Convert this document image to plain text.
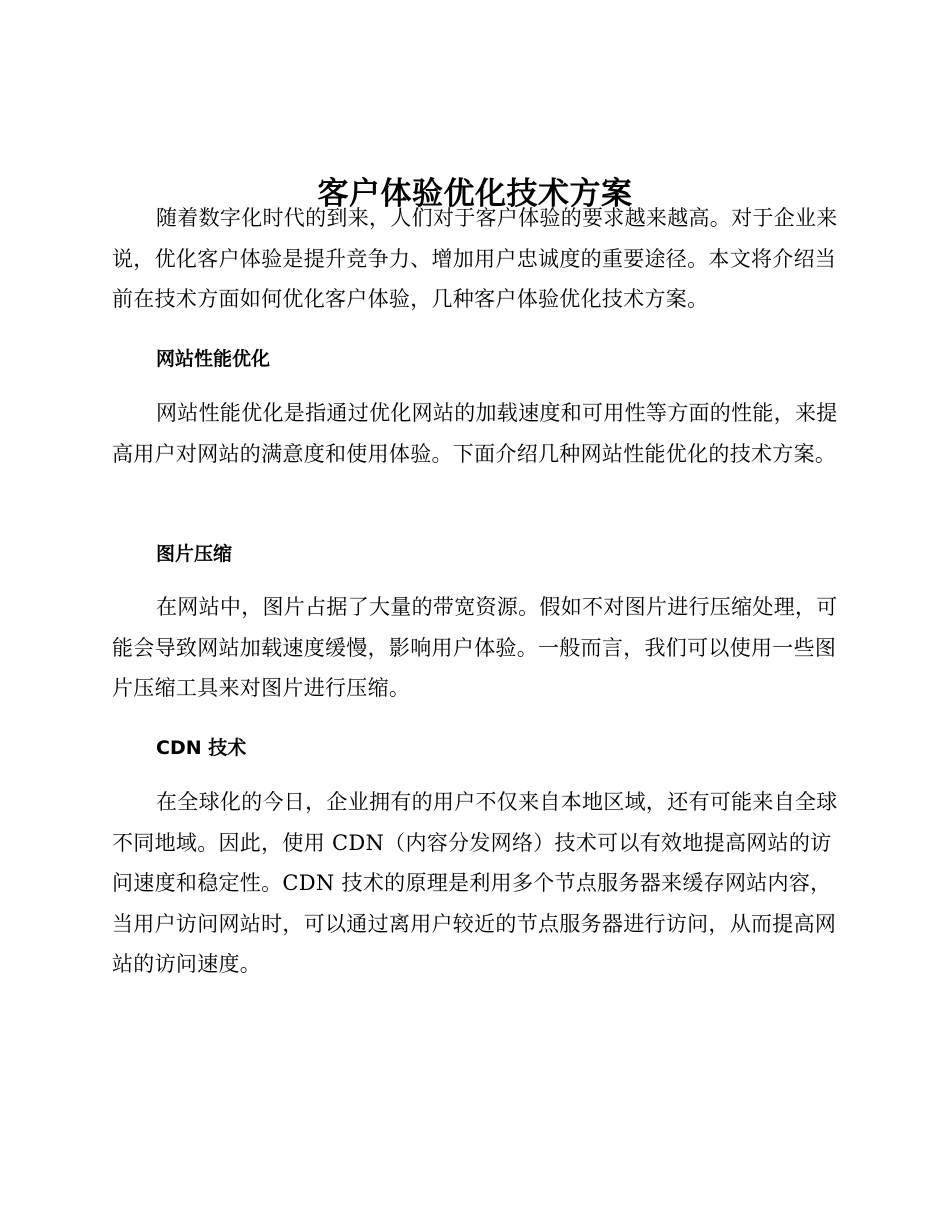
客户体验优化技术方案

随着数字化时代的到来，人们对于客户体验的要求越来越高。对于企业来说，优化客户体验是提升竞争力、增加用户忠诚度的重要途径。本文将介绍当前在技术方面如何优化客户体验，几种客户体验优化技术方案。

网站性能优化

网站性能优化是指通过优化网站的加载速度和可用性等方面的性能，来提高用户对网站的满意度和使用体验。下面介绍几种网站性能优化的技术方案。

图片压缩

在网站中，图片占据了大量的带宽资源。假如不对图片进行压缩处理，可能会导致网站加载速度缓慢，影响用户体验。一般而言，我们可以使用一些图片压缩工具来对图片进行压缩。

CDN 技术

在全球化的今日，企业拥有的用户不仅来自本地区域，还有可能来自全球不同地域。因此，使用 CDN（内容分发网络）技术可以有效地提高网站的访问速度和稳定性。CDN 技术的原理是利用多个节点服务器来缓存网站内容，当用户访问网站时，可以通过离用户较近的节点服务器进行访问，从而提高网站的访问速度。
